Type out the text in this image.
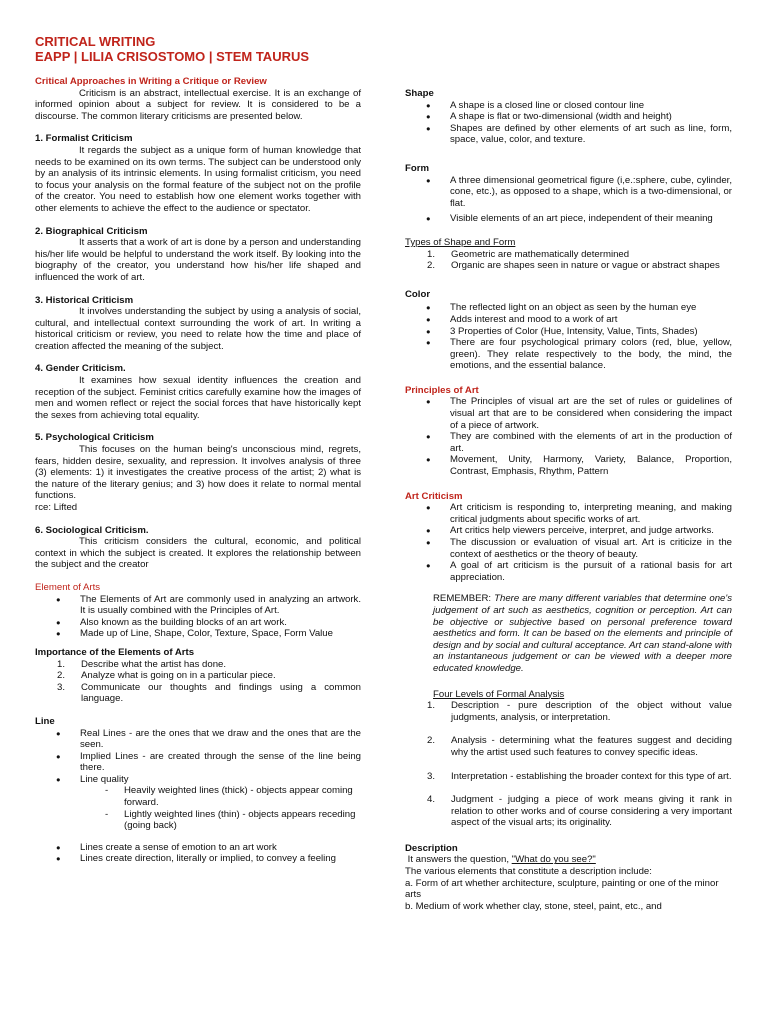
CRITICAL WRITING
EAPP | LILIA CRISOSTOMO | STEM TAURUS
Critical Approaches in Writing a Critique or Review

Criticism is an abstract, intellectual exercise. It is an exchange of informed opinion about a subject for review. It is considered to be a discourse. The common literary criticisms are presented below.

1. Formalist Criticism

It regards the subject as a unique form of human knowledge that needs to be examined on its own terms. The subject can be understood only by an analysis of its intrinsic elements. In using formalist criticism, you need to focus your analysis on the formal feature of the subject not on the profile of the creator. You need to establish how one element works together with other elements to achieve the effect to the audience or spectator.

2. Biographical Criticism

It asserts that a work of art is done by a person and understanding his/her life would be helpful to understand the work itself. By looking into the biography of the creator, you understand how his/her life shaped and influenced the work of art.

3. Historical Criticism

It involves understanding the subject by using a analysis of social, cultural, and intellectual context surrounding the work of art. In writing a historical criticism or review, you need to relate how the time and place of creation affected the meaning of the subject.

4. Gender Criticism.

It examines how sexual identity influences the creation and reception of the subject. Feminist critics carefully examine how the images of men and women reflect or reject the social forces that have historically kept the sexes from achieving total equality.

5. Psychological Criticism

This focuses on the human being's unconscious mind, regrets, fears, hidden desire, sexuality, and repression. It involves analysis of three (3) elements: 1) it investigates the creative process of the artist; 2) what is the nature of the literary genius; and 3) how does it relate to normal mental functions.

rce: Lifted
6. Sociological Criticism.

This criticism considers the cultural, economic, and political context in which the subject is created. It explores the relationship between the subject and the creator

Element of Arts
● The Elements of Art are commonly used in analyzing an artwork. It is usually combined with the Principles of Art.
● Also known as the building blocks of an art work.
● Made up of Line, Shape, Color, Texture, Space, Form Value
Importance of the Elements of Arts
1. Describe what the artist has done.
2. Analyze what is going on in a particular piece.
3. Communicate our thoughts and findings using a common language.
Line
● Real Lines - are the ones that we draw and the ones that are the seen.
● Implied Lines - are created through the sense of the line being there.
● Line quality
- Heavily weighted lines (thick) - objects appear coming forward.
- Lightly weighted lines (thin) - objects appears receding (going back)
● Lines create a sense of emotion to an art work
● Lines create direction, literally or implied, to convey a feeling
Shape
● A shape is a closed line or closed contour line
● A shape is flat or two-dimensional (width and height)
● Shapes are defined by other elements of art such as line, form, space, value, color, and texture.
Form
● A three dimensional geometrical figure (i,e.:sphere, cube, cylinder, cone, etc.), as opposed to a shape, which is a two-dimensional, or flat.
● Visible elements of an art piece, independent of their meaning
Types of Shape and Form
1. Geometric are mathematically determined
2. Organic are shapes seen in nature or vague or abstract shapes
Color
● The reflected light on an object as seen by the human eye
● Adds interest and mood to a work of art
● 3 Properties of Color (Hue, Intensity, Value, Tints, Shades)
● There are four psychological primary colors (red, blue, yellow, green). They relate respectively to the body, the mind, the emotions, and the essential balance.
Principles of Art
● The Principles of visual art are the set of rules or guidelines of visual art that are to be considered when considering the impact of a piece of artwork.
● They are combined with the elements of art in the production of art.
● Movement, Unity, Harmony, Variety, Balance, Proportion, Contrast, Emphasis, Rhythm, Pattern
Art Criticism
● Art criticism is responding to, interpreting meaning, and making critical judgments about specific works of art.
● Art critics help viewers perceive, interpret, and judge artworks.
● The discussion or evaluation of visual art. Art is criticize in the context of aesthetics or the theory of beauty.
● A goal of art criticism is the pursuit of a rational basis for art appreciation.
REMEMBER: There are many different variables that determine one's judgement of art such as aesthetics, cognition or perception. Art can be objective or subjective based on personal preference toward aesthetics and form. It can be based on the elements and principle of design and by social and cultural acceptance. Art can stand-alone with an instantaneous judgement or can be viewed with a deeper more educated knowledge.
Four Levels of Formal Analysis
1. Description - pure description of the object without value judgments, analysis, or interpretation.
2. Analysis - determining what the features suggest and deciding why the artist used such features to convey specific ideas.
3. Interpretation - establishing the broader context for this type of art.
4. Judgment - judging a piece of work means giving it rank in relation to other works and of course considering a very important aspect of the visual arts; its originality.
Description
It answers the question, "What do you see?"
The various elements that constitute a description include:
a. Form of art whether architecture, sculpture, painting or one of the minor arts
b. Medium of work whether clay, stone, steel, paint, etc., and
